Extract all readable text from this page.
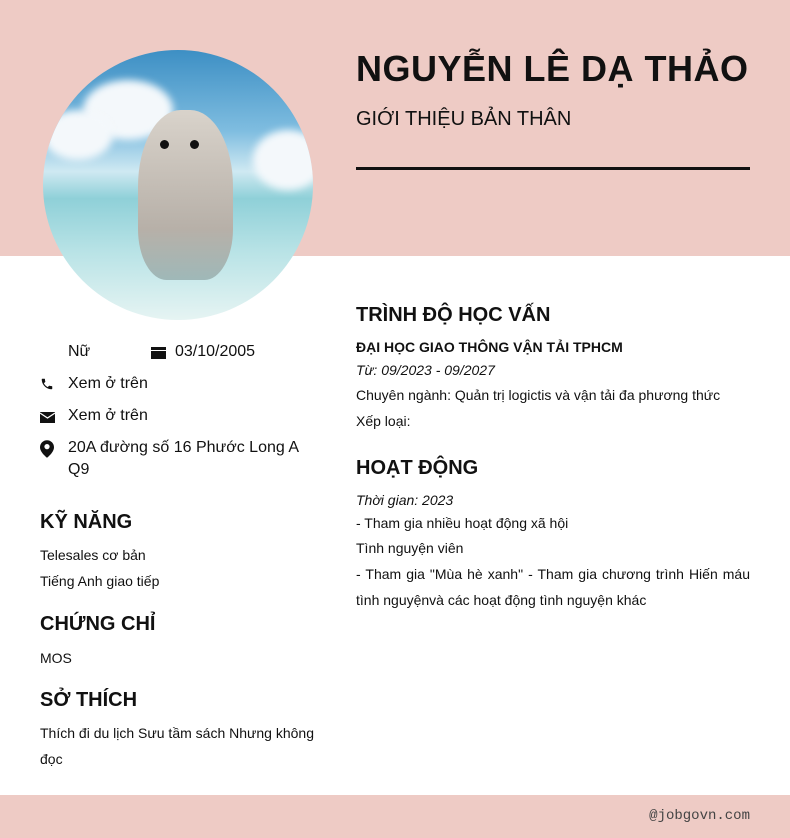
NGUYỄN LÊ DẠ THẢO
GIỚI THIỆU BẢN THÂN
Nữ	03/10/2005
Xem ở trên
Xem ở trên
20A đường số 16 Phước Long A Q9
KỸ NĂNG
Telesales cơ bản
Tiếng Anh giao tiếp
CHỨNG CHỈ
MOS
SỞ THÍCH
Thích đi du lịch Sưu tầm sách Nhưng không đọc
TRÌNH ĐỘ HỌC VẤN
ĐẠI HỌC GIAO THÔNG VẬN TẢI TPHCM
Từ: 09/2023 - 09/2027
Chuyên ngành: Quản trị logictis và vận tải đa phương thức
Xếp loại:
HOẠT ĐỘNG
Thời gian: 2023
- Tham gia nhiều hoạt động xã hội
Tình nguyện viên
- Tham gia "Mùa hè xanh" - Tham gia chương trình Hiến máu tình nguyệnvà các hoạt động tình nguyện khác
@jobgovn.com
